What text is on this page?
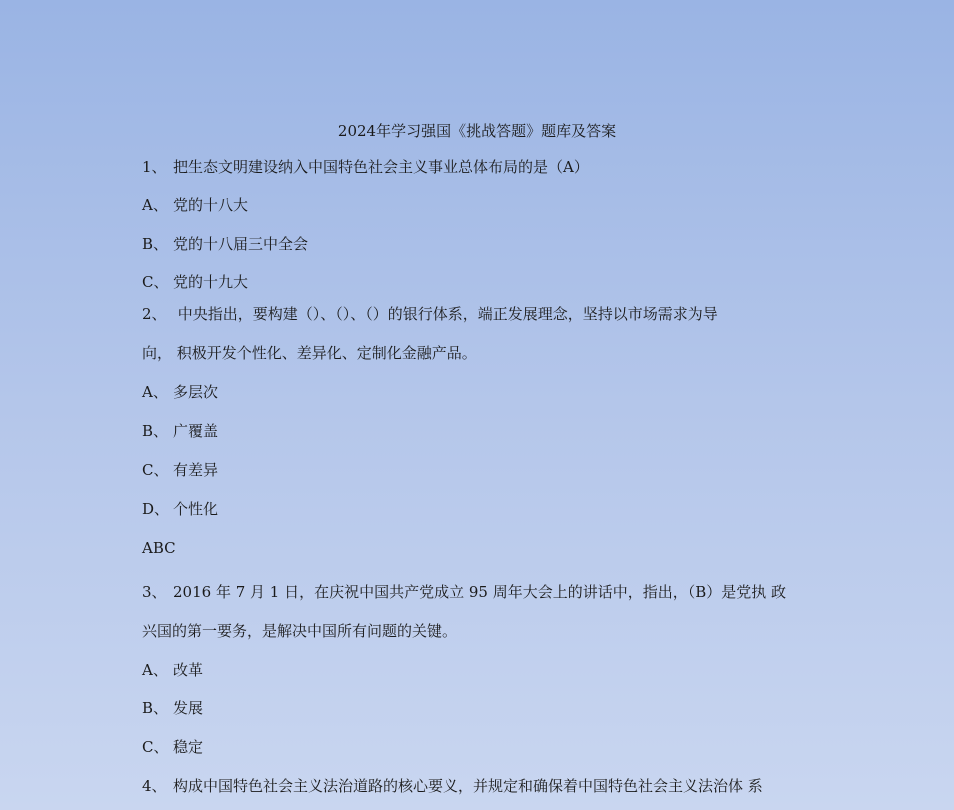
2024年学习强国《挑战答题》题库及答案
1、 把生态文明建设纳入中国特色社会主义事业总体布局的是（A）
A、 党的十八大
B、 党的十八届三中全会
C、 党的十九大
2、 中央指出，要构建（）、（）、（）的银行体系，端正发展理念，坚持以市场需求为导
向， 积极开发个性化、差异化、定制化金融产品。
A、 多层次
B、 广覆盖
C、 有差异
D、 个性化
ABC
3、 2016 年 7 月 1 日，在庆祝中国共产党成立 95 周年大会上的讲话中，指出，（B）是党执 政
兴国的第一要务，是解决中国所有问题的关键。
A、 改革
B、 发展
C、 稳定
4、 构成中国特色社会主义法治道路的核心要义，并规定和确保着中国特色社会主义法治体 系
